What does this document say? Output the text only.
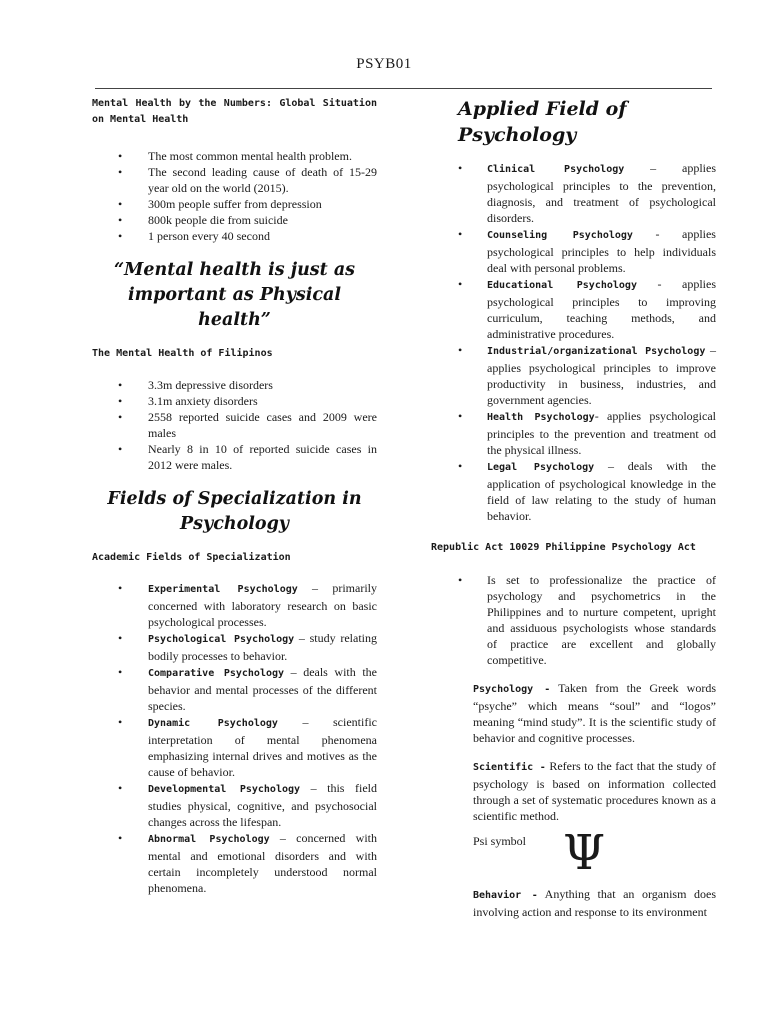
PSYB01
Mental Health by the Numbers: Global Situation on Mental Health
• The most common mental health problem.
• The second leading cause of death of 15-29 year old on the world (2015).
• 300m people suffer from depression
• 800k people die from suicide
• 1 person every 40 second
“Mental health is just as
important as Physical
health”
The Mental Health of Filipinos
• 3.3m depressive disorders
• 3.1m anxiety disorders
• 2558 reported suicide cases and 2009 were males
• Nearly 8 in 10 of reported suicide cases in 2012 were males.
Fields of Specialization in
Psychology
Academic Fields of Specialization
• Experimental Psychology – primarily concerned with laboratory research on basic psychological processes.
• Psychological Psychology – study relating bodily processes to behavior.
• Comparative Psychology – deals with the behavior and mental processes of the different species.
• Dynamic Psychology – scientific interpretation of mental phenomena emphasizing internal drives and motives as the cause of behavior.
• Developmental Psychology – this field studies physical, cognitive, and psychosocial changes across the lifespan.
• Abnormal Psychology – concerned with mental and emotional disorders and with certain incompletely understood normal phenomena.
Applied Field of Psychology
• Clinical Psychology – applies psychological principles to the prevention, diagnosis, and treatment of psychological disorders.
• Counseling Psychology - applies psychological principles to help individuals deal with personal problems.
• Educational Psychology - applies psychological principles to improving curriculum, teaching methods, and administrative procedures.
• Industrial/organizational Psychology – applies psychological principles to improve productivity in business, industries, and government agencies.
• Health Psychology- applies psychological principles to the prevention and treatment od the physical illness.
• Legal Psychology – deals with the application of psychological knowledge in the field of law relating to the study of human behavior.
Republic Act 10029 Philippine Psychology Act
• Is set to professionalize the practice of psychology and psychometrics in the Philippines and to nurture competent, upright and assiduous psychologists whose standards of practice are excellent and globally competitive.
Psychology - Taken from the Greek words “psyche” which means “soul” and “logos” meaning “mind study”. It is the scientific study of behavior and cognitive processes.
Scientific - Refers to the fact that the study of psychology is based on information collected through a set of systematic procedures known as a scientific method.
Psi symbol Ψ
Behavior - Anything that an organism does involving action and response to its environment
